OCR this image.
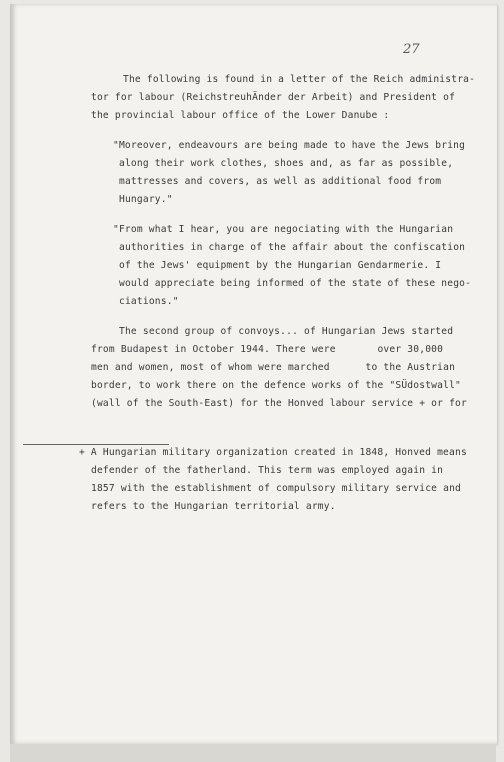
27
The following is found in a letter of the Reich administra-
tor for labour (ReichstreuhÄnder der Arbeit) and President of
the provincial labour office of the Lower Danube :
"Moreover, endeavours are being made to have the Jews bring
along their work clothes, shoes and, as far as possible,
mattresses and covers, as well as additional food from
Hungary."
"From what I hear, you are negociating with the Hungarian
authorities in charge of the affair about the confiscation
of the Jews' equipment by the Hungarian Gendarmerie. I
would appreciate being informed of the state of these nego-
ciations."
The second group of convoys... of Hungarian Jews started
from Budapest in October 1944. There were       over 30,000
men and women, most of whom were marched      to the Austrian
border, to work there on the defence works of the "SÜdostwall"
(wall of the South-East) for the Honved labour service + or for
+ A Hungarian military organization created in 1848, Honved means
defender of the fatherland. This term was employed again in
1857 with the establishment of compulsory military service and
refers to the Hungarian territorial army.
